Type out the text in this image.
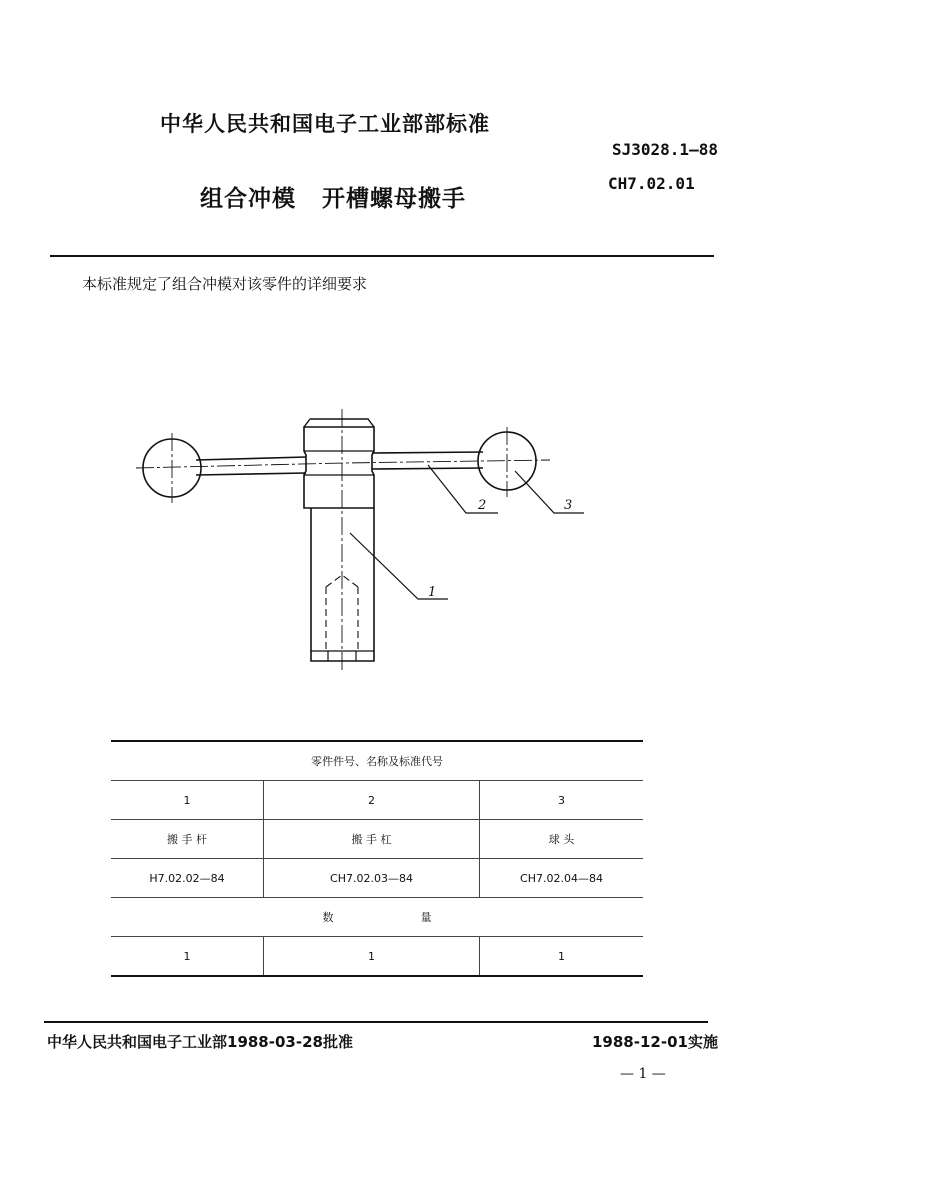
中华人民共和国电子工业部部标准
SJ3028.1—88
CH7.02.01
组合冲模 开槽螺母搬手
本标准规定了组合冲模对该零件的详细要求
1
2	3
零件件号、名称及标准代号		
1	2	3
搬 手 杆	搬 手 杠	球 头
H7.02.02—84	CH7.02.03—84	CH7.02.04—84
数 量		
1	1	1
中华人民共和国电子工业部1988-03-28批准	1988-12-01实施
— 1 —
